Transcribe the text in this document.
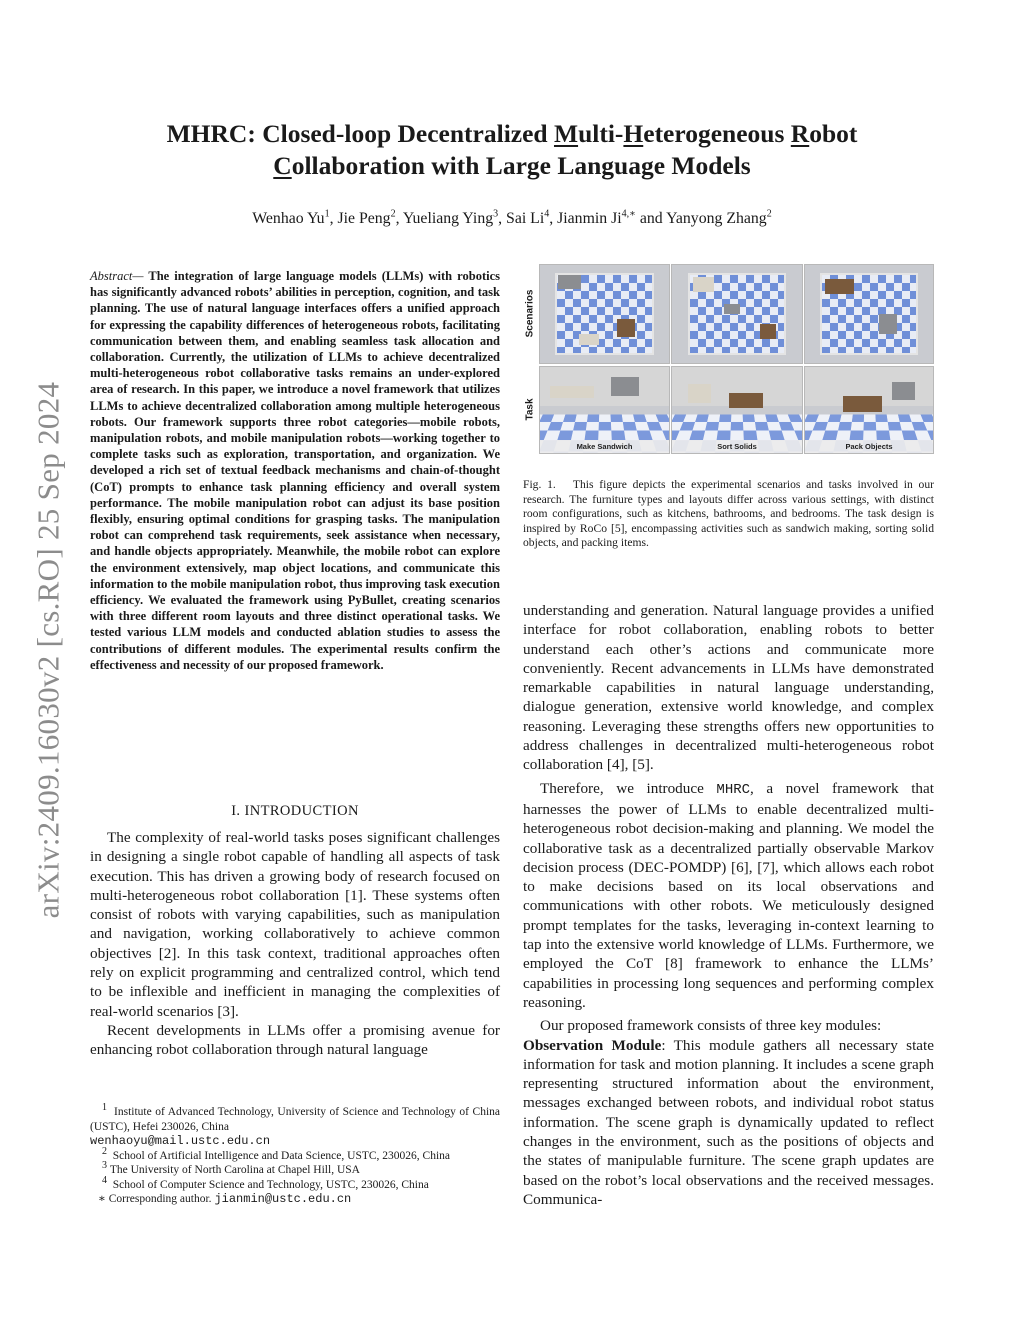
arXiv:2409.16030v2 [cs.RO] 25 Sep 2024
MHRC: Closed-loop Decentralized Multi-Heterogeneous Robot
Collaboration with Large Language Models
Wenhao Yu$^1$, Jie Peng$^2$, Yueliang Ying$^3$, Sai Li$^4$, Jianmin $Ji^{4,∗}$ and Yanyong Zhang$^2$
Abstract— The integration of large language models (LLMs) with robotics has significantly advanced robots’ abilities in perception, cognition, and task planning. The use of natural language interfaces offers a unified approach for expressing the capability differences of heterogeneous robots, facilitating communication between them, and enabling seamless task allocation and collaboration. Currently, the utilization of LLMs to achieve decentralized multi-heterogeneous robot collaborative tasks remains an under-explored area of research. In this paper, we introduce a novel framework that utilizes LLMs to achieve decentralized collaboration among multiple heterogeneous robots. Our framework supports three robot categories—mobile robots, manipulation robots, and mobile manipulation robots—working together to complete tasks such as exploration, transportation, and organization. We developed a rich set of textual feedback mechanisms and chain-of-thought (CoT) prompts to enhance task planning efficiency and overall system performance. The mobile manipulation robot can adjust its base position flexibly, ensuring optimal conditions for grasping tasks. The manipulation robot can comprehend task requirements, seek assistance when necessary, and handle objects appropriately. Meanwhile, the mobile robot can explore the environment extensively, map object locations, and communicate this information to the mobile manipulation robot, thus improving task execution efficiency. We evaluated the framework using PyBullet, creating scenarios with three different room layouts and three distinct operational tasks. We tested various LLM models and conducted ablation studies to assess the contributions of different modules. The experimental results confirm the effectiveness and necessity of our proposed framework.
I. INTRODUCTION

The complexity of real-world tasks poses significant challenges in designing a single robot capable of handling all aspects of task execution. This has driven a growing body of research focused on multi-heterogeneous robot collaboration [1]. These systems often consist of robots with varying capabilities, such as manipulation and navigation, working collaboratively to achieve common objectives [2]. In this task context, traditional approaches often rely on explicit programming and centralized control, which tend to be inflexible and inefficient in managing the complexities of real-world scenarios [3].

Recent developments in LLMs offer a promising avenue for enhancing robot collaboration through natural language

$^1$ Institute of Advanced Technology, University of Science and Technology of China (USTC), Hefei 230026, China
wenhaoyu@mail.ustc.edu.cn
$^2$ School of Artificial Intelligence and Data Science, USTC, 230026, China
$^3$ The University of North Carolina at Chapel Hill, USA
$^4$ School of Computer Science and Technology, USTC, 230026, China
∗ Corresponding author. jianmin@ustc.edu.cn
Scenarios
Task
Make Sandwich	Sort Solids	Pack Objects
Fig. 1. This figure depicts the experimental scenarios and tasks involved in our research. The furniture types and layouts differ across various settings, with distinct room configurations, such as kitchens, bathrooms, and bedrooms. The task design is inspired by RoCo [5], encompassing activities such as sandwich making, sorting solid objects, and packing items.

understanding and generation. Natural language provides a unified interface for robot collaboration, enabling robots to better understand each other’s actions and communicate more conveniently. Recent advancements in LLMs have demonstrated remarkable capabilities in natural language understanding, dialogue generation, extensive world knowledge, and complex reasoning. Leveraging these strengths offers new opportunities to address challenges in decentralized multi-heterogeneous robot collaboration [4], [5].

Therefore, we introduce MHRC, a novel framework that harnesses the power of LLMs to enable decentralized multi-heterogeneous robot decision-making and planning. We model the collaborative task as a decentralized partially observable Markov decision process (DEC-POMDP) [6], [7], which allows each robot to make decisions based on its local observations and communications with other robots. We meticulously designed prompt templates for the tasks, leveraging in-context learning to tap into the extensive world knowledge of LLMs. Furthermore, we employed the CoT [8] framework to enhance the LLMs’ capabilities in processing long sequences and performing complex reasoning.

Our proposed framework consists of three key modules:

Observation Module: This module gathers all necessary state information for task and motion planning. It includes a scene graph representing structured information about the environment, messages exchanged between robots, and individual robot status information. The scene graph is dynamically updated to reflect changes in the environment, such as the positions of objects and the states of manipulable furniture. The scene graph updates are based on the robot’s local observations and the received messages. Communica-
